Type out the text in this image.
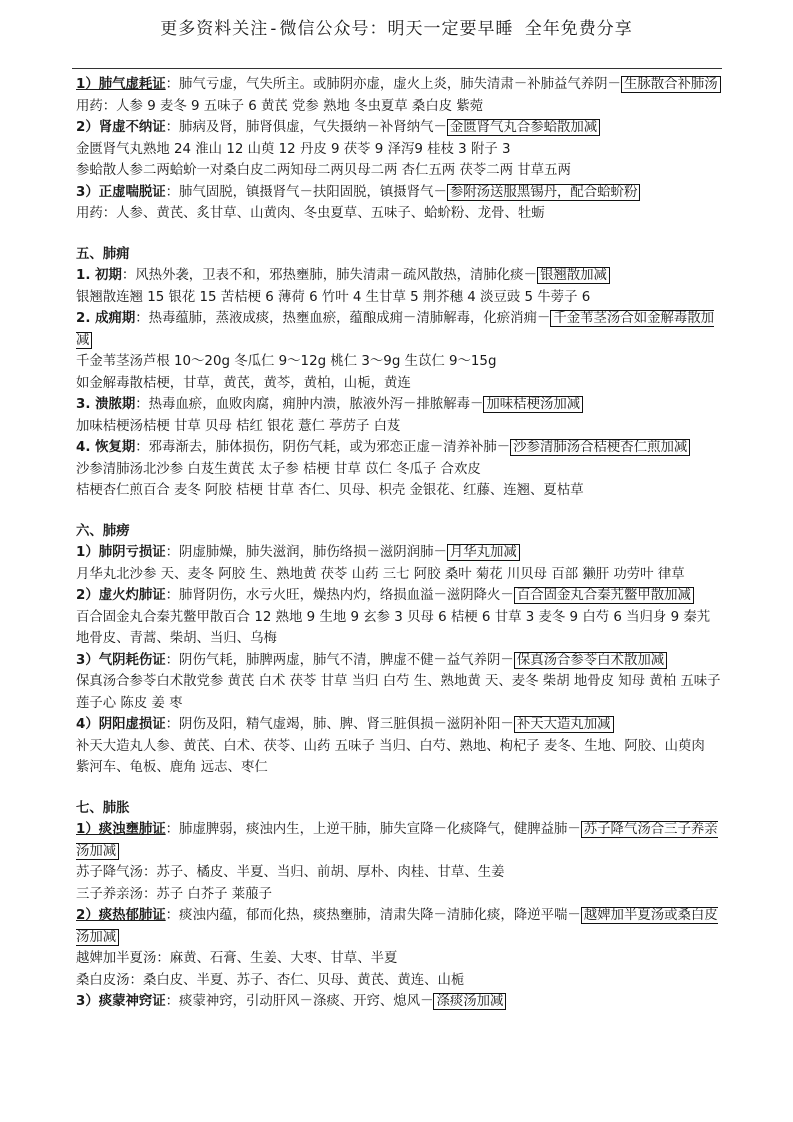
更多资料关注-微信公众号：明天一定要早睡 全年免费分享
1）肺气虚耗证：肺气亏虚，气失所主。或肺阴亦虚，虚火上炎，肺失清肃－补肺益气养阴－ 生脉散合补肺汤
用药：人参 9 麦冬 9 五味子 6 黄芪 党参 熟地 冬虫夏草 桑白皮 紫菀
2）肾虚不纳证：肺病及肾，肺肾俱虚，气失摄纳－补肾纳气－ 金匮肾气丸合参蛤散加减
金匮肾气丸熟地 24 淮山 12 山萸 12 丹皮 9 茯苓 9 泽泻9 桂枝 3 附子 3
参蛤散人参二两蛤蚧一对桑白皮二两知母二两贝母二两 杏仁五两 茯苓二两 甘草五两
3）正虚喘脱证：肺气固脱，镇摄肾气－扶阳固脱，镇摄肾气－ 参附汤送服黑锡丹，配合蛤蚧粉
用药：人参、黄芪、炙甘草、山黄肉、冬虫夏草、五味子、蛤蚧粉、龙骨、牡蛎
五、肺痈
1. 初期：风热外袭，卫表不和，邪热壅肺，肺失清肃－疏风散热，清肺化痰－ 银翘散加减
银翘散连翘 15 银花 15 苦桔梗 6 薄荷 6 竹叶 4 生甘草 5 荆芥穗 4 淡豆豉 5 牛蒡子 6
2. 成痈期：热毒蕴肺，蒸液成痰，热壅血瘀，蕴酿成痈－清肺解毒，化瘀消痈－ 千金苇茎汤合如金解毒散加减
千金苇茎汤芦根 10～20g 冬瓜仁 9～12g 桃仁 3～9g 生苡仁 9～15g
如金解毒散桔梗，甘草，黄芪，黄芩，黄柏，山栀，黄连
3. 溃脓期：热毒血瘀，血败肉腐，痈肿内溃，脓液外泻－排脓解毒－ 加味桔梗汤加减
加味桔梗汤桔梗 甘草 贝母 桔红 银花 薏仁 葶苈子 白芨
4. 恢复期：邪毒渐去，肺体损伤，阴伤气耗，或为邪恋正虚－清养补肺－ 沙参清肺汤合桔梗杏仁煎加减
沙参清肺汤北沙参 白芨生黄芪 太子参 桔梗 甘草 苡仁 冬瓜子 合欢皮
桔梗杏仁煎百合 麦冬 阿胶 桔梗 甘草 杏仁、贝母、枳壳 金银花、红藤、连翘、夏枯草
六、肺痨
1）肺阴亏损证：阴虚肺燥，肺失滋润，肺伤络损－滋阴润肺－ 月华丸加减
月华丸北沙参 天、麦冬 阿胶 生、熟地黄 茯苓 山药 三七 阿胶 桑叶 菊花 川贝母 百部 獭肝 功劳叶 律草
2）虚火灼肺证：肺肾阴伤，水亏火旺，燥热内灼，络损血溢－滋阴降火－ 百合固金丸合秦艽鳖甲散加减
百合固金丸合秦艽鳖甲散百合 12 熟地 9 生地 9 玄参 3 贝母 6 桔梗 6 甘草 3 麦冬 9 白芍 6 当归身 9 秦艽 地骨皮、青蒿、柴胡、当归、乌梅
3）气阴耗伤证：阴伤气耗，肺脾两虚，肺气不清，脾虚不健－益气养阴－ 保真汤合参苓白术散加减
保真汤合参苓白术散党参 黄芪 白术 茯苓 甘草 当归 白芍 生、熟地黄 天、麦冬 柴胡 地骨皮 知母 黄柏 五味子 莲子心 陈皮 姜 枣
4）阴阳虚损证：阴伤及阳，精气虚竭，肺、脾、肾三脏俱损－滋阴补阳－ 补天大造丸加减
补天大造丸人参、黄芪、白术、茯苓、山药 五味子 当归、白芍、熟地、枸杞子 麦冬、生地、阿胶、山萸肉 紫河车、龟板、鹿角 远志、枣仁
七、肺胀
1）痰浊壅肺证：肺虚脾弱，痰浊内生，上逆干肺，肺失宣降－化痰降气，健脾益肺－ 苏子降气汤合三子养亲汤加减
苏子降气汤：苏子、橘皮、半夏、当归、前胡、厚朴、肉桂、甘草、生姜
三子养亲汤：苏子 白芥子 莱菔子
2）痰热郁肺证：痰浊内蕴，郁而化热，痰热壅肺，清肃失降－清肺化痰，降逆平喘－ 越婢加半夏汤或桑白皮汤加减
越婢加半夏汤：麻黄、石膏、生姜、大枣、甘草、半夏
桑白皮汤：桑白皮、半夏、苏子、杏仁、贝母、黄芪、黄连、山栀
3）痰蒙神窍证：痰蒙神窍，引动肝风－涤痰、开窍、熄风－ 涤痰汤加减
